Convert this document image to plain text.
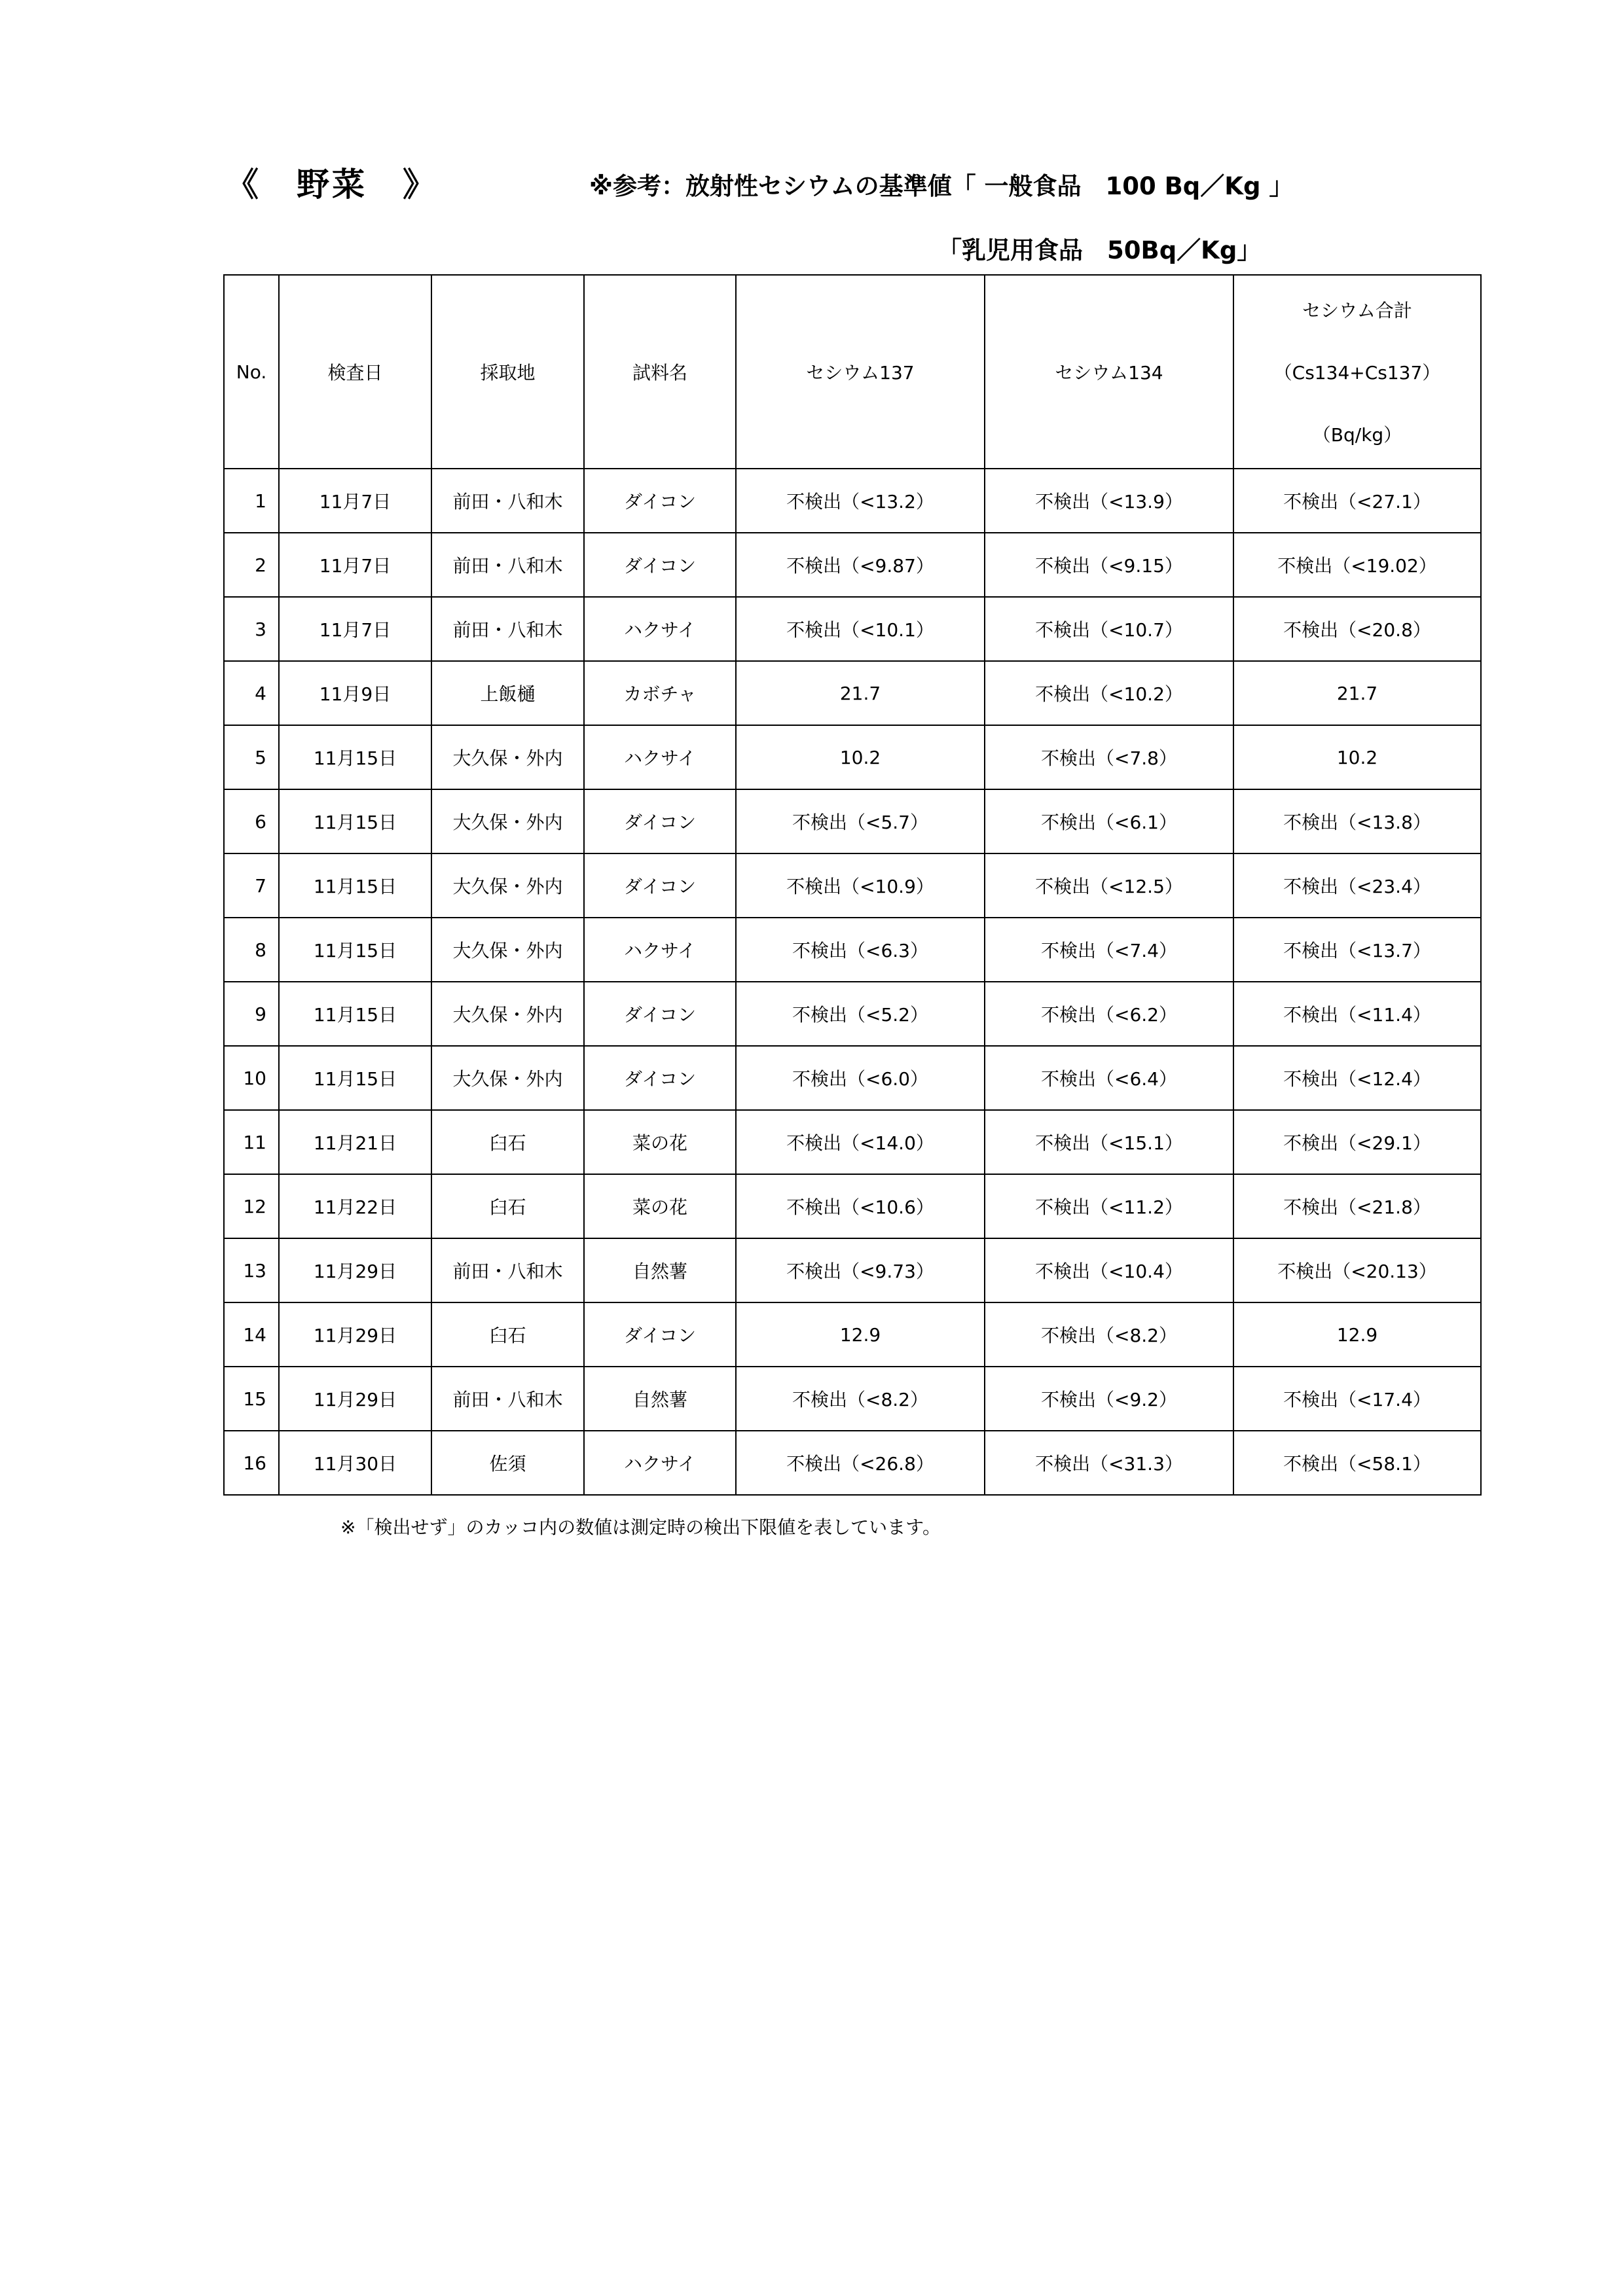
《　野菜　》	※参考：放射性セシウムの基準値「 一般食品　100 Bq／Kg 」
「乳児用食品　50Bq／Kg」
No.	検査日	採取地	試料名	セシウム137	セシウム134	セシウム合計
（Cs134+Cs137）
（Bq/kg）

1	11月7日	前田・八和木	ダイコン	不検出（<13.2）	不検出（<13.9）	不検出（<27.1）
2	11月7日	前田・八和木	ダイコン	不検出（<9.87）	不検出（<9.15）	不検出（<19.02）
3	11月7日	前田・八和木	ハクサイ	不検出（<10.1）	不検出（<10.7）	不検出（<20.8）
4	11月9日	上飯樋	カボチャ	21.7	不検出（<10.2）	21.7
5	11月15日	大久保・外内	ハクサイ	10.2	不検出（<7.8）	10.2
6	11月15日	大久保・外内	ダイコン	不検出（<5.7）	不検出（<6.1）	不検出（<13.8）
7	11月15日	大久保・外内	ダイコン	不検出（<10.9）	不検出（<12.5）	不検出（<23.4）
8	11月15日	大久保・外内	ハクサイ	不検出（<6.3）	不検出（<7.4）	不検出（<13.7）
9	11月15日	大久保・外内	ダイコン	不検出（<5.2）	不検出（<6.2）	不検出（<11.4）
10	11月15日	大久保・外内	ダイコン	不検出（<6.0）	不検出（<6.4）	不検出（<12.4）
11	11月21日	臼石	菜の花	不検出（<14.0）	不検出（<15.1）	不検出（<29.1）
12	11月22日	臼石	菜の花	不検出（<10.6）	不検出（<11.2）	不検出（<21.8）
13	11月29日	前田・八和木	自然薯	不検出（<9.73）	不検出（<10.4）	不検出（<20.13）
14	11月29日	臼石	ダイコン	12.9	不検出（<8.2）	12.9
15	11月29日	前田・八和木	自然薯	不検出（<8.2）	不検出（<9.2）	不検出（<17.4）
16	11月30日	佐須	ハクサイ	不検出（<26.8）	不検出（<31.3）	不検出（<58.1）
※「検出せず」のカッコ内の数値は測定時の検出下限値を表しています。
